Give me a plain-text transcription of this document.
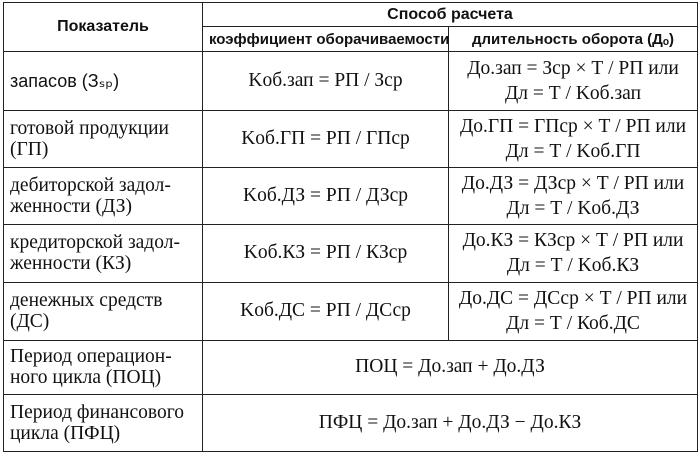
Показатель	Способ расчета	
	коэффициент оборачиваемости	длительность оборота (Дₒ)
запасов (Зₛₚ)	Kоб.зап = РП / Зср	До.зап = Зср × Т / РП или
Дл = Т / Kоб.зап

готовой продукции (ГП)	Kоб.ГП = РП / ГПср	До.ГП = ГПср × Т / РП или
Дл = Т / Kоб.ГП

дебиторской задол-женности (ДЗ)	Kоб.ДЗ = РП / ДЗср	До.ДЗ = ДЗср × Т / РП или
Дл = Т / Kоб.ДЗ

кредиторской задол-женности (КЗ)	Kоб.КЗ = РП / КЗср	До.КЗ = КЗср × Т / РП или
Дл = Т / Kоб.КЗ

денежных средств (ДС)	Kоб.ДС = РП / ДСср	До.ДС = ДСср × Т / РП или
Дл = Т / Коб.ДС

Период операцион-ного цикла (ПОЦ)	ПОЦ = До.зап + До.ДЗ	
Период финансового цикла (ПФЦ)	ПФЦ = До.зап + До.ДЗ − До.КЗ	
